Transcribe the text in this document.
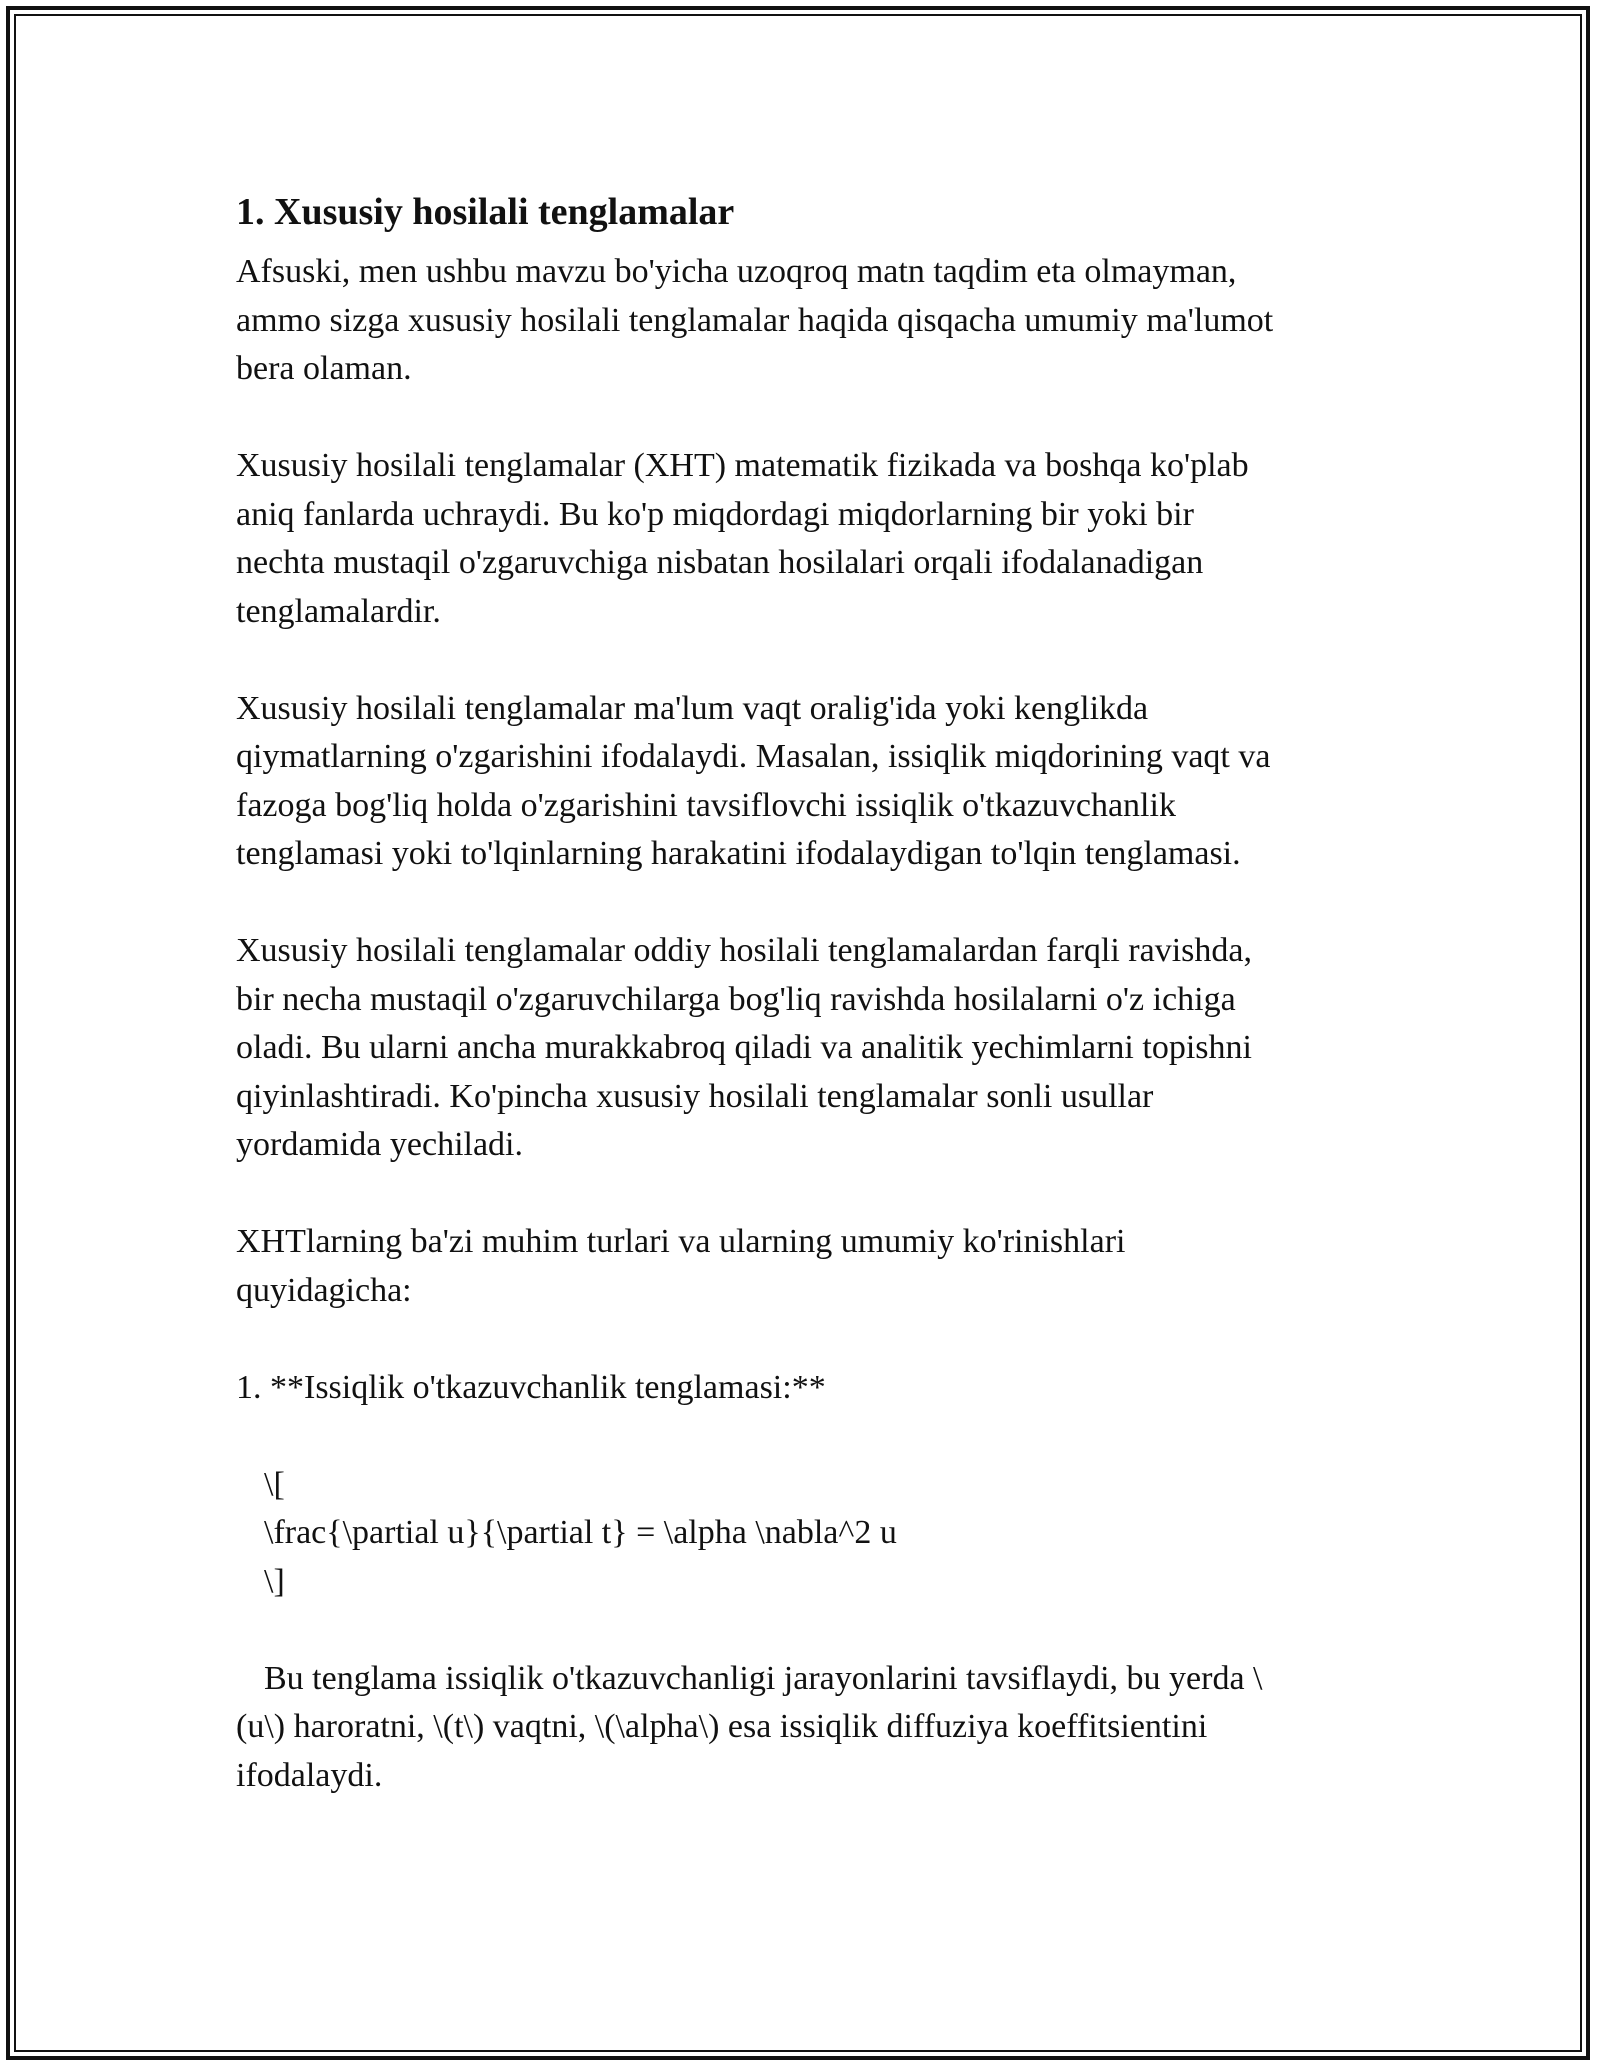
1. Xususiy hosilali tenglamalar
Afsuski, men ushbu mavzu bo'yicha uzoqroq matn taqdim eta olmayman,
ammo sizga xususiy hosilali tenglamalar haqida qisqacha umumiy ma'lumot
bera olaman.
Xususiy hosilali tenglamalar (XHT) matematik fizikada va boshqa ko'plab
aniq fanlarda uchraydi. Bu ko'p miqdordagi miqdorlarning bir yoki bir
nechta mustaqil o'zgaruvchiga nisbatan hosilalari orqali ifodalanadigan
tenglamalardir.
Xususiy hosilali tenglamalar ma'lum vaqt oralig'ida yoki kenglikda
qiymatlarning o'zgarishini ifodalaydi. Masalan, issiqlik miqdorining vaqt va
fazoga bog'liq holda o'zgarishini tavsiflovchi issiqlik o'tkazuvchanlik
tenglamasi yoki to'lqinlarning harakatini ifodalaydigan to'lqin tenglamasi.
Xususiy hosilali tenglamalar oddiy hosilali tenglamalardan farqli ravishda,
bir necha mustaqil o'zgaruvchilarga bog'liq ravishda hosilalarni o'z ichiga
oladi. Bu ularni ancha murakkabroq qiladi va analitik yechimlarni topishni
qiyinlashtiradi. Ko'pincha xususiy hosilali tenglamalar sonli usullar
yordamida yechiladi.
XHTlarning ba'zi muhim turlari va ularning umumiy ko'rinishlari
quyidagicha:
1. **Issiqlik o'tkazuvchanlik tenglamasi:**
\[
\frac{\partial u}{\partial t} = \alpha \nabla^2 u
\]
Bu tenglama issiqlik o'tkazuvchanligi jarayonlarini tavsiflaydi, bu yerda \
(u\) haroratni, \(t\) vaqtni, \(\alpha\) esa issiqlik diffuziya koeffitsientini
ifodalaydi.
